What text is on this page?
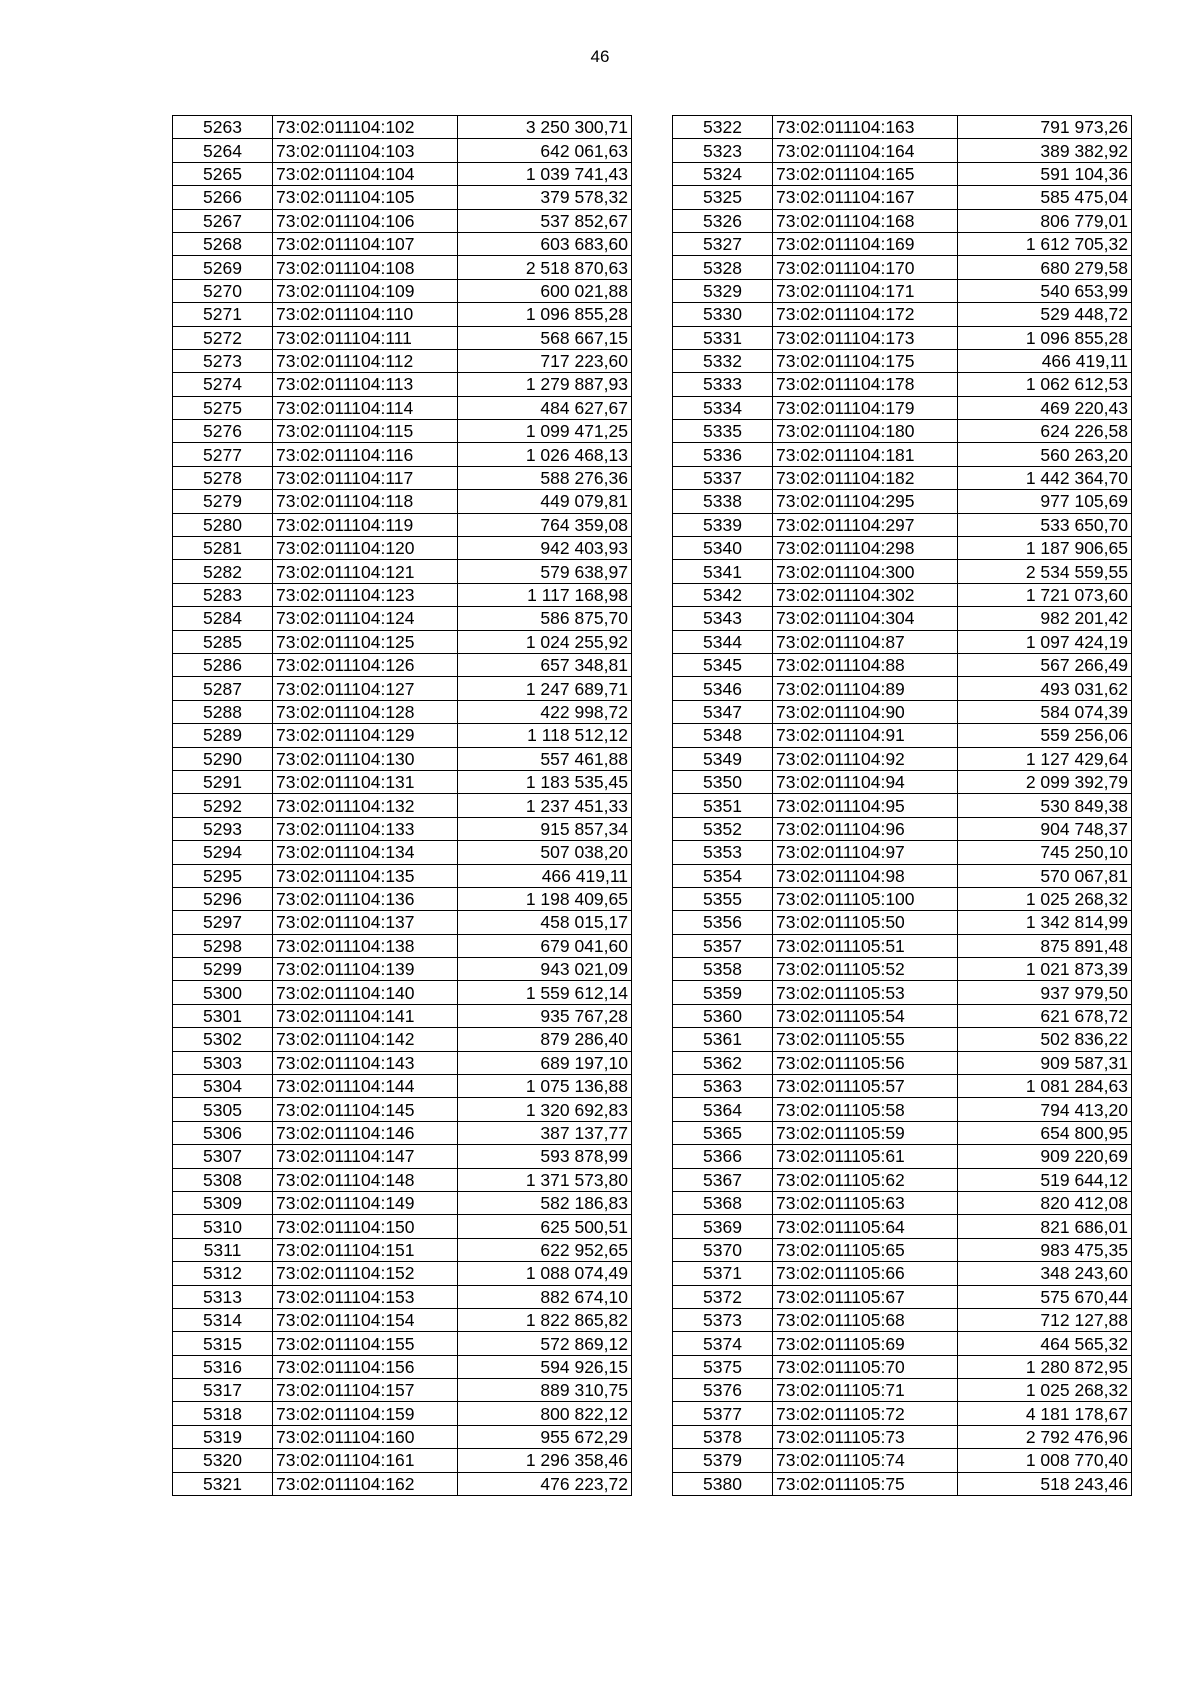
46
5263	73:02:011104:102	3 250 300,71
5264	73:02:011104:103	642 061,63
5265	73:02:011104:104	1 039 741,43
5266	73:02:011104:105	379 578,32
5267	73:02:011104:106	537 852,67
5268	73:02:011104:107	603 683,60
5269	73:02:011104:108	2 518 870,63
5270	73:02:011104:109	600 021,88
5271	73:02:011104:110	1 096 855,28
5272	73:02:011104:111	568 667,15
5273	73:02:011104:112	717 223,60
5274	73:02:011104:113	1 279 887,93
5275	73:02:011104:114	484 627,67
5276	73:02:011104:115	1 099 471,25
5277	73:02:011104:116	1 026 468,13
5278	73:02:011104:117	588 276,36
5279	73:02:011104:118	449 079,81
5280	73:02:011104:119	764 359,08
5281	73:02:011104:120	942 403,93
5282	73:02:011104:121	579 638,97
5283	73:02:011104:123	1 117 168,98
5284	73:02:011104:124	586 875,70
5285	73:02:011104:125	1 024 255,92
5286	73:02:011104:126	657 348,81
5287	73:02:011104:127	1 247 689,71
5288	73:02:011104:128	422 998,72
5289	73:02:011104:129	1 118 512,12
5290	73:02:011104:130	557 461,88
5291	73:02:011104:131	1 183 535,45
5292	73:02:011104:132	1 237 451,33
5293	73:02:011104:133	915 857,34
5294	73:02:011104:134	507 038,20
5295	73:02:011104:135	466 419,11
5296	73:02:011104:136	1 198 409,65
5297	73:02:011104:137	458 015,17
5298	73:02:011104:138	679 041,60
5299	73:02:011104:139	943 021,09
5300	73:02:011104:140	1 559 612,14
5301	73:02:011104:141	935 767,28
5302	73:02:011104:142	879 286,40
5303	73:02:011104:143	689 197,10
5304	73:02:011104:144	1 075 136,88
5305	73:02:011104:145	1 320 692,83
5306	73:02:011104:146	387 137,77
5307	73:02:011104:147	593 878,99
5308	73:02:011104:148	1 371 573,80
5309	73:02:011104:149	582 186,83
5310	73:02:011104:150	625 500,51
5311	73:02:011104:151	622 952,65
5312	73:02:011104:152	1 088 074,49
5313	73:02:011104:153	882 674,10
5314	73:02:011104:154	1 822 865,82
5315	73:02:011104:155	572 869,12
5316	73:02:011104:156	594 926,15
5317	73:02:011104:157	889 310,75
5318	73:02:011104:159	800 822,12
5319	73:02:011104:160	955 672,29
5320	73:02:011104:161	1 296 358,46
5321	73:02:011104:162	476 223,72
5322	73:02:011104:163	791 973,26
5323	73:02:011104:164	389 382,92
5324	73:02:011104:165	591 104,36
5325	73:02:011104:167	585 475,04
5326	73:02:011104:168	806 779,01
5327	73:02:011104:169	1 612 705,32
5328	73:02:011104:170	680 279,58
5329	73:02:011104:171	540 653,99
5330	73:02:011104:172	529 448,72
5331	73:02:011104:173	1 096 855,28
5332	73:02:011104:175	466 419,11
5333	73:02:011104:178	1 062 612,53
5334	73:02:011104:179	469 220,43
5335	73:02:011104:180	624 226,58
5336	73:02:011104:181	560 263,20
5337	73:02:011104:182	1 442 364,70
5338	73:02:011104:295	977 105,69
5339	73:02:011104:297	533 650,70
5340	73:02:011104:298	1 187 906,65
5341	73:02:011104:300	2 534 559,55
5342	73:02:011104:302	1 721 073,60
5343	73:02:011104:304	982 201,42
5344	73:02:011104:87	1 097 424,19
5345	73:02:011104:88	567 266,49
5346	73:02:011104:89	493 031,62
5347	73:02:011104:90	584 074,39
5348	73:02:011104:91	559 256,06
5349	73:02:011104:92	1 127 429,64
5350	73:02:011104:94	2 099 392,79
5351	73:02:011104:95	530 849,38
5352	73:02:011104:96	904 748,37
5353	73:02:011104:97	745 250,10
5354	73:02:011104:98	570 067,81
5355	73:02:011105:100	1 025 268,32
5356	73:02:011105:50	1 342 814,99
5357	73:02:011105:51	875 891,48
5358	73:02:011105:52	1 021 873,39
5359	73:02:011105:53	937 979,50
5360	73:02:011105:54	621 678,72
5361	73:02:011105:55	502 836,22
5362	73:02:011105:56	909 587,31
5363	73:02:011105:57	1 081 284,63
5364	73:02:011105:58	794 413,20
5365	73:02:011105:59	654 800,95
5366	73:02:011105:61	909 220,69
5367	73:02:011105:62	519 644,12
5368	73:02:011105:63	820 412,08
5369	73:02:011105:64	821 686,01
5370	73:02:011105:65	983 475,35
5371	73:02:011105:66	348 243,60
5372	73:02:011105:67	575 670,44
5373	73:02:011105:68	712 127,88
5374	73:02:011105:69	464 565,32
5375	73:02:011105:70	1 280 872,95
5376	73:02:011105:71	1 025 268,32
5377	73:02:011105:72	4 181 178,67
5378	73:02:011105:73	2 792 476,96
5379	73:02:011105:74	1 008 770,40
5380	73:02:011105:75	518 243,46
